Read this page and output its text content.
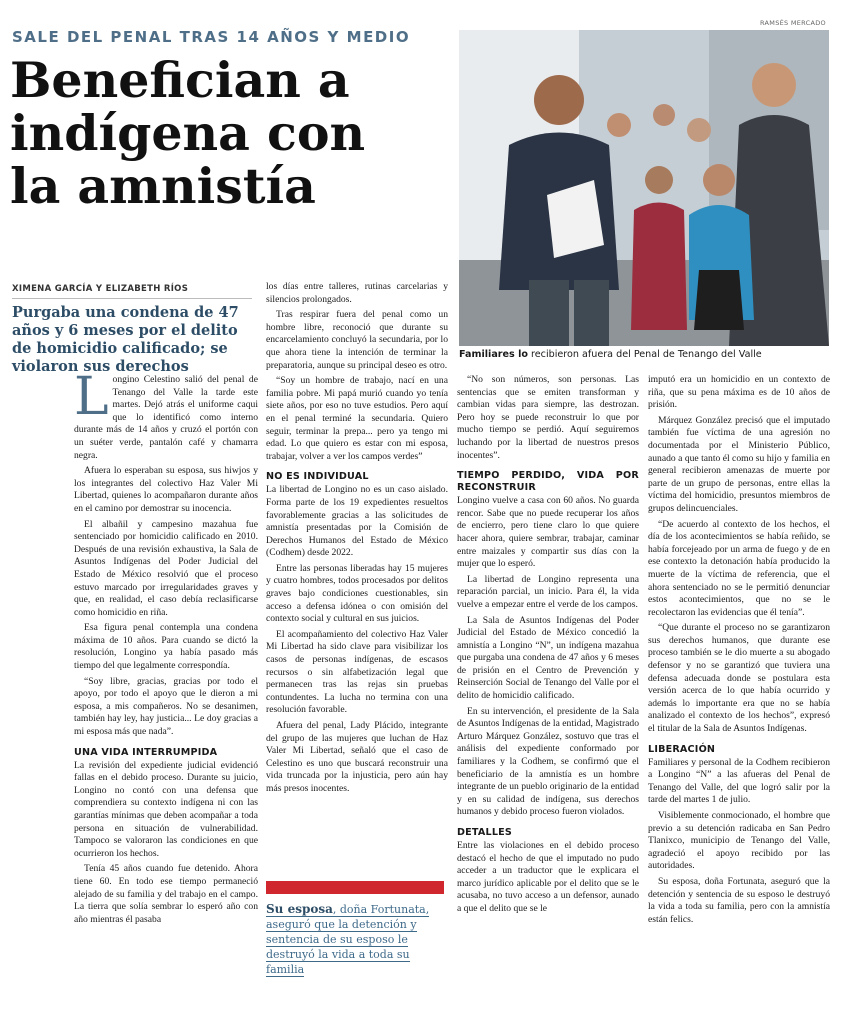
SALE DEL PENAL TRAS 14 AÑOS Y MEDIO
Benefician a
indígena con
la amnistía
XIMENA GARCÍA Y ELIZABETH RÍOS
Purgaba una condena de 47 años y 6 meses por el delito de homicidio calificado; se violaron sus derechos
RAMSÉS MERCADO
Familiares lo recibieron afuera del Penal de Tenango del Valle

Longino Celestino salió del penal de Tenango del Valle la tarde este martes. Dejó atrás el uniforme caqui que lo identificó como interno durante más de 14 años y cruzó el portón con un suéter verde, pantalón café y chamarra negra.

Afuera lo esperaban su esposa, sus hiwjos y los integrantes del colectivo Haz Valer Mi Libertad, quienes lo acompañaron durante años en el camino por demostrar su inocencia.

El albañil y campesino mazahua fue sentenciado por homicidio calificado en 2010. Después de una revisión exhaustiva, la Sala de Asuntos Indígenas del Poder Judicial del Estado de México resolvió que el proceso estuvo marcado por irregularidades graves y que, en realidad, el caso debía reclasificarse como homicidio en riña.

Esa figura penal contempla una condena máxima de 10 años. Para cuando se dictó la resolución, Longino ya había pasado más tiempo del que legalmente correspondía.

“Soy libre, gracias, gracias por todo el apoyo, por todo el apoyo que le dieron a mi esposa, a mis compañeros. No se desanimen, también hay ley, hay justicia... Le doy gracias a mi esposa más que nada”.

UNA VIDA INTERRUMPIDA

La revisión del expediente judicial evidenció fallas en el debido proceso. Durante su juicio, Longino no contó con una defensa que comprendiera su contexto indígena ni con las garantías mínimas que deben acompañar a toda persona en situación de vulnerabilidad. Tampoco se valoraron las condiciones en que ocurrieron los hechos.

Tenía 45 años cuando fue detenido. Ahora tiene 60. En todo ese tiempo permaneció alejado de su familia y del trabajo en el campo. La tierra que solía sembrar lo esperó año con año mientras él pasaba

los días entre talleres, rutinas carcelarias y silencios prolongados.

Tras respirar fuera del penal como un hombre libre, reconoció que durante su encarcelamiento concluyó la secundaria, por lo que ahora tiene la intención de terminar la preparatoria, aunque su principal deseo es otro.

“Soy un hombre de trabajo, nací en una familia pobre. Mi papá murió cuando yo tenía siete años, por eso no tuve estudios. Pero aquí en el penal terminé la secundaria. Quiero seguir, terminar la prepa... pero ya tengo mi edad. Lo que quiero es estar con mi esposa, trabajar, volver a ver los campos verdes”

NO ES INDIVIDUAL

La libertad de Longino no es un caso aislado. Forma parte de los 19 expedientes resueltos favorablemente gracias a las solicitudes de amnistía presentadas por la Comisión de Derechos Humanos del Estado de México (Codhem) desde 2022.

Entre las personas liberadas hay 15 mujeres y cuatro hombres, todos procesados por delitos graves bajo condiciones cuestionables, sin acceso a defensa idónea o con omisión del contexto social y cultural en sus juicios.

El acompañamiento del colectivo Haz Valer Mi Libertad ha sido clave para visibilizar los casos de personas indígenas, de escasos recursos o sin alfabetización legal que permanecen tras las rejas sin pruebas contundentes. La lucha no termina con una resolución favorable.

Afuera del penal, Lady Plácido, integrante del grupo de las mujeres que luchan de Haz Valer Mi Libertad, señaló que el caso de Celestino es uno que buscará reconstruir una vida truncada por la injusticia, pero aún hay más presos inocentes.

Su esposa, doña Fortunata, aseguró que la detención y sentencia de su esposo le destruyó la vida a toda su familia

“No son números, son personas. Las sentencias que se emiten transforman y cambian vidas para siempre, las destrozan. Pero hoy se puede reconstruir lo que por mucho tiempo se perdió. Aquí seguiremos luchando por la libertad de nuestros presos inocentes”.

TIEMPO PERDIDO, VIDA POR RECONSTRUIR

Longino vuelve a casa con 60 años. No guarda rencor. Sabe que no puede recuperar los años de encierro, pero tiene claro lo que quiere hacer ahora, quiere sembrar, trabajar, caminar entre maizales y compartir sus días con la mujer que lo esperó.

La libertad de Longino representa una reparación parcial, un inicio. Para él, la vida vuelve a empezar entre el verde de los campos.

La Sala de Asuntos Indígenas del Poder Judicial del Estado de México concedió la amnistía a Longino “N”, un indígena mazahua que purgaba una condena de 47 años y 6 meses de prisión en el Centro de Prevención y Reinserción Social de Tenango del Valle por el delito de homicidio calificado.

En su intervención, el presidente de la Sala de Asuntos Indígenas de la entidad, Magistrado Arturo Márquez González, sostuvo que tras el análisis del expediente conformado por familiares y la Codhem, se confirmó que el beneficiario de la amnistía es un hombre integrante de un pueblo originario de la entidad y en su calidad de indígena, sus derechos humanos y debido proceso fueron violados.

DETALLES

Entre las violaciones en el debido proceso destacó el hecho de que el imputado no pudo acceder a un traductor que le explicara el marco jurídico aplicable por el delito que se le acusaba, no tuvo acceso a un defensor, aunado a que el delito que se le

imputó era un homicidio en un contexto de riña, que su pena máxima es de 10 años de prisión.

Márquez González precisó que el imputado también fue víctima de una agresión no documentada por el Ministerio Público, aunado a que tanto él como su hijo y familia en general recibieron amenazas de muerte por parte de un grupo de personas, entre ellas la víctima del homicidio, presuntos miembros de grupos delincuenciales.

“De acuerdo al contexto de los hechos, el día de los acontecimientos se había reñido, se había forcejeado por un arma de fuego y de en ese contexto la detonación había producido la muerte de la víctima de referencia, que el ahora sentenciado no se le permitió denunciar estos acontecimientos, que no se le recolectaron las evidencias que él tenía”.

“Que durante el proceso no se garantizaron sus derechos humanos, que durante ese proceso también se le dio muerte a su abogado defensor y no se garantizó que tuviera una defensa adecuada donde se postulara esta versión acerca de lo que había ocurrido y además lo importante era que no se había analizado el contexto de los hechos”, expresó el titular de la Sala de Asuntos Indígenas.

LIBERACIÓN

Familiares y personal de la Codhem recibieron a Longino “N” a las afueras del Penal de Tenango del Valle, del que logró salir por la tarde del martes 1 de julio.

Visiblemente conmocionado, el hombre que previo a su detención radicaba en San Pedro Tlanixco, municipio de Tenango del Valle, agradeció el apoyo recibido por las autoridades.

Su esposa, doña Fortunata, aseguró que la detención y sentencia de su esposo le destruyó la vida a toda su familia, pero con la amnistía están felics.
